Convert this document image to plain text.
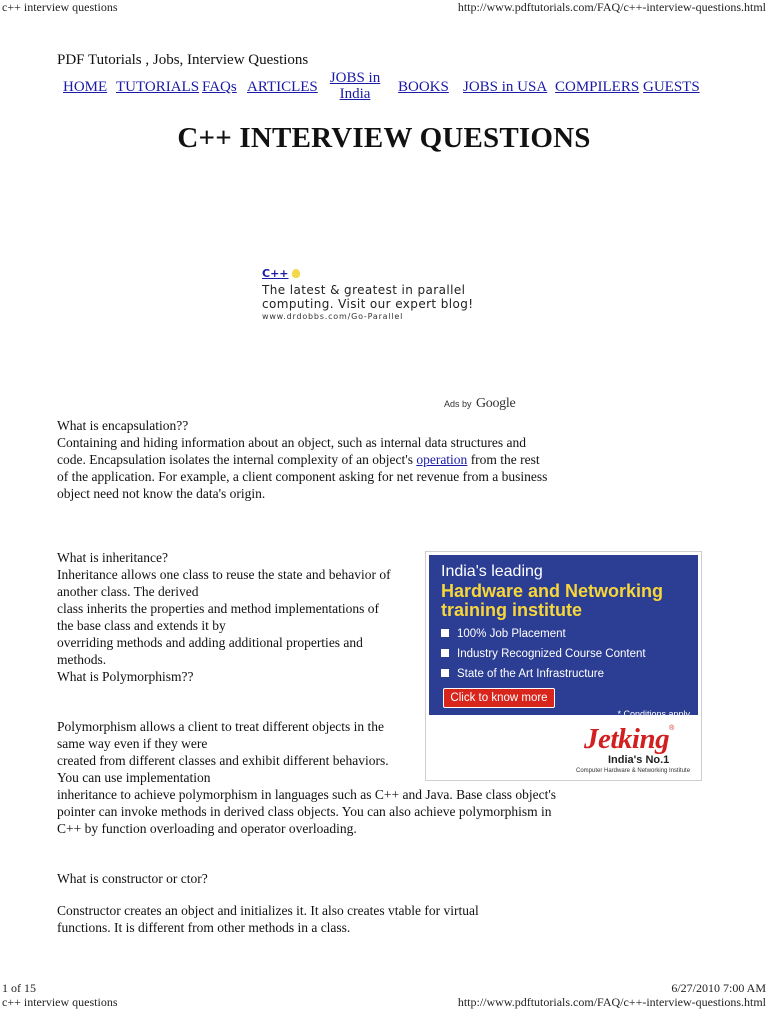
c++ interview questions	http://www.pdftutorials.com/FAQ/c++-interview-questions.html
PDF Tutorials , Jobs, Interview Questions
HOME TUTORIALS FAQs ARTICLES
JOBS in
India	BOOKS JOBS in USA COMPILERS GUESTS
C++ INTERVIEW QUESTIONS
C++
The latest & greatest in parallel
computing. Visit our expert blog!
www.drdobbs.com/Go-Parallel
Ads by Google

What is encapsulation??

Containing and hiding information about an object, such as internal data structures and

code. Encapsulation isolates the internal complexity of an object's operation from the rest

of the application. For example, a client component asking for net revenue from a business

object need not know the data's origin.

What is inheritance?

Inheritance allows one class to reuse the state and behavior of

another class. The derived

class inherits the properties and method implementations of

the base class and extends it by

overriding methods and adding additional properties and

methods.

What is Polymorphism??

Polymorphism allows a client to treat different objects in the

same way even if they were

created from different classes and exhibit different behaviors.

You can use implementation

inheritance to achieve polymorphism in languages such as C++ and Java. Base class object's

pointer can invoke methods in derived class objects. You can also achieve polymorphism in

C++ by function overloading and operator overloading.

What is constructor or ctor?

Constructor creates an object and initializes it. It also creates vtable for virtual

functions. It is different from other methods in a class.

India's leading
Hardware and Networking
training institute
100% Job Placement
Industry Recognized Course Content
State of the Art Infrastructure
Click to know more
* Conditions apply
Jetking®
India's No.1
Computer Hardware & Networking Institute
1 of 15	6/27/2010 7:00 AM
c++ interview questions	http://www.pdftutorials.com/FAQ/c++-interview-questions.html
